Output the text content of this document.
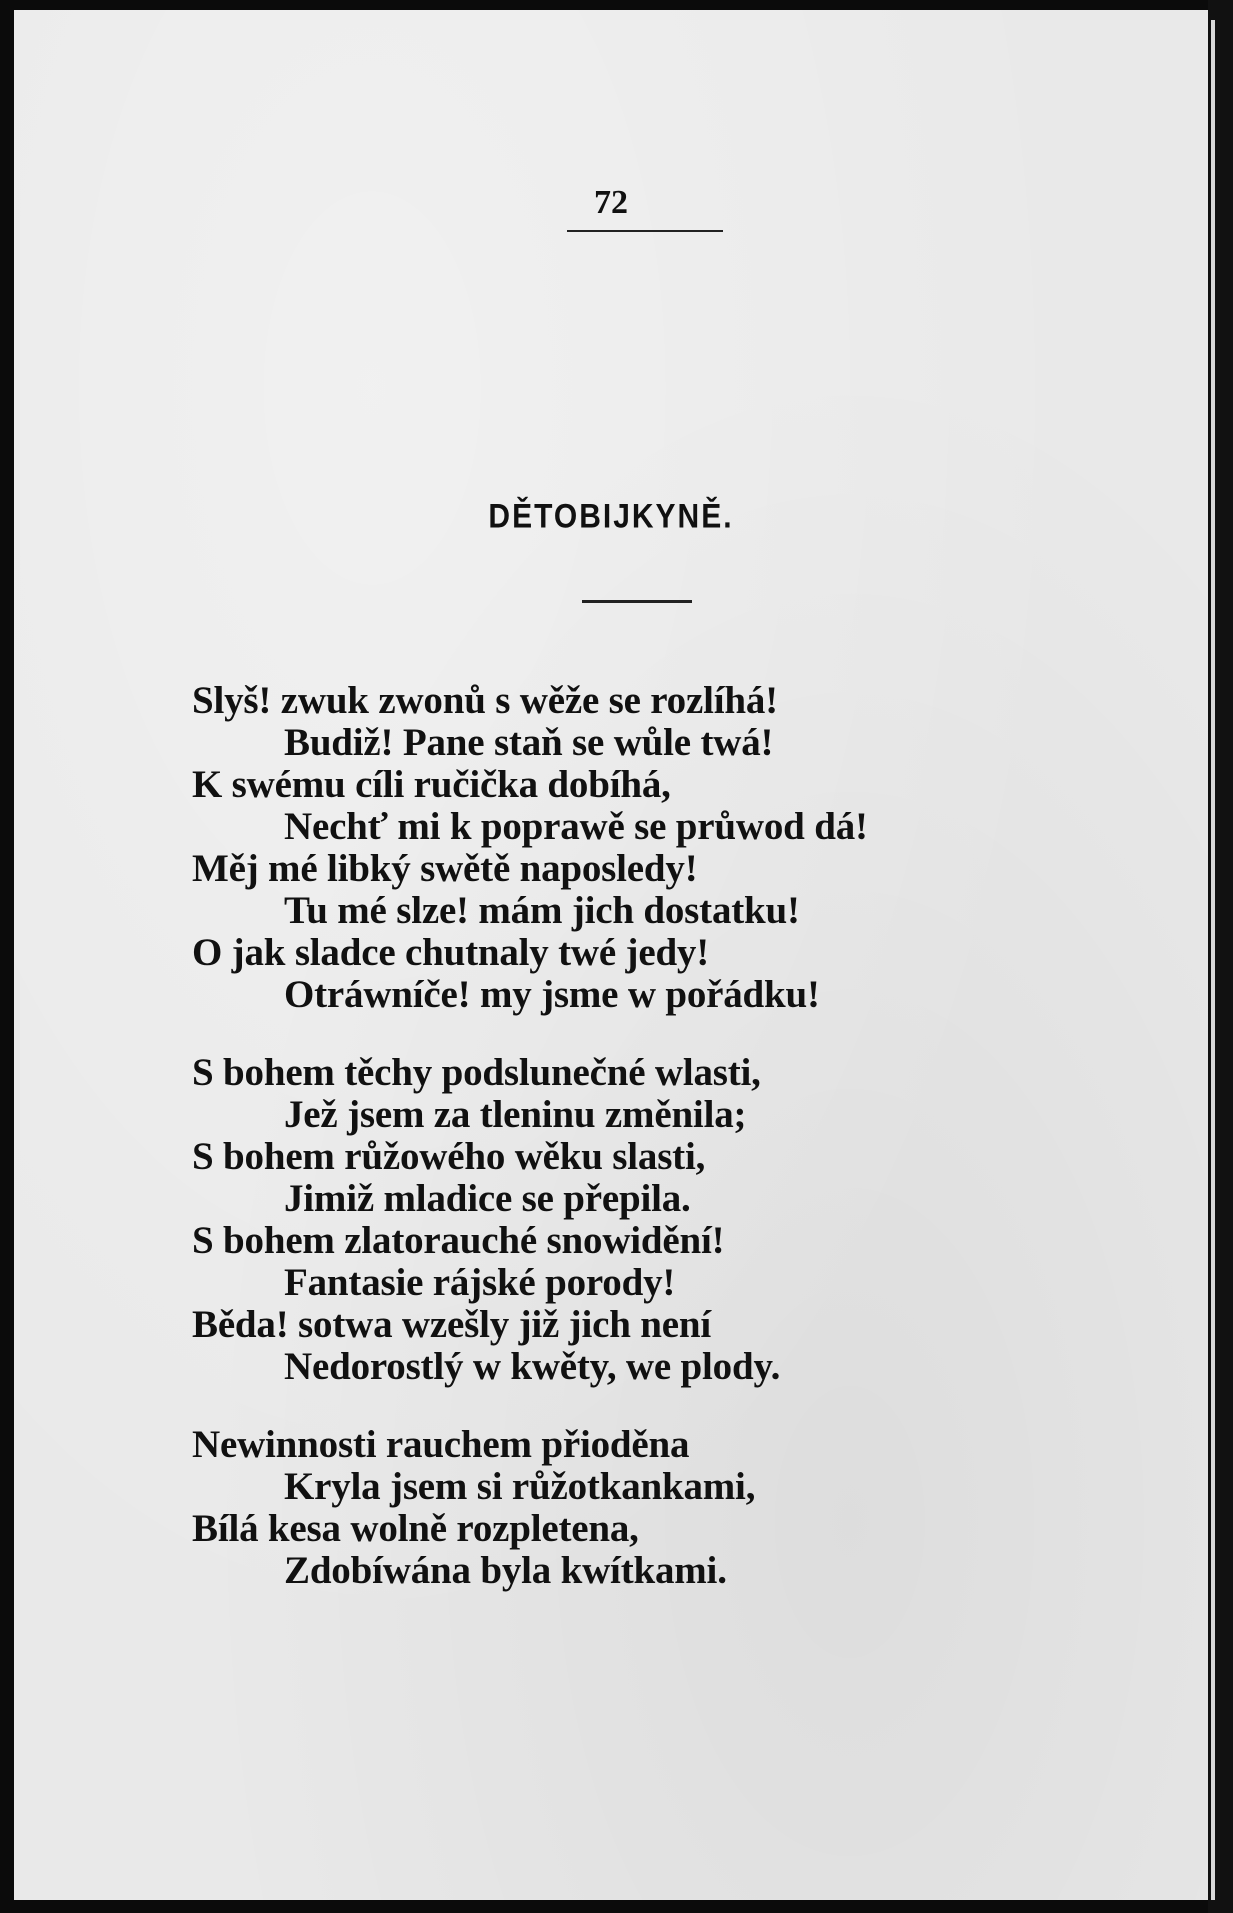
72
DĚTOBIJKYNĚ.
Slyš! zwuk zwonů s wěže se rozlíhá!
Budiž! Pane staň se wůle twá!
K swému cíli ručička dobíhá,
Nechť mi k poprawě se průwod dá!
Měj mé libký swětě naposledy!
Tu mé slze! mám jich dostatku!
O jak sladce chutnaly twé jedy!
Otráwníče! my jsme w pořádku!
S bohem těchy podslunečné wlasti,
Jež jsem za tleninu změnila;
S bohem růžowého wěku slasti,
Jimiž mladice se přepila.
S bohem zlatorauché snowidění!
Fantasie rájské porody!
Běda! sotwa wzešly již jich není
Nedorostlý w kwěty, we plody.
Newinnosti rauchem přioděna
Kryla jsem si růžotkankami,
Bílá kesa wolně rozpletena,
Zdobíwána byla kwítkami.
